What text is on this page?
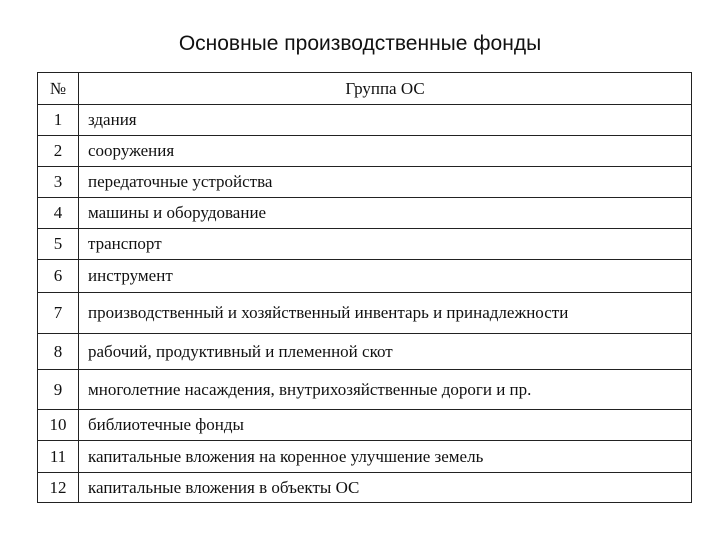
Основные производственные фонды
№	Группа ОС
1	здания
2	сооружения
3	передаточные устройства
4	машины и оборудование
5	транспорт
6	инструмент
7	производственный и хозяйственный инвентарь и принадлежности
8	рабочий, продуктивный и племенной скот
9	многолетние насаждения, внутрихозяйственные дороги и пр.
10	библиотечные фонды
11	капитальные вложения на коренное улучшение земель
12	капитальные вложения в объекты ОС
